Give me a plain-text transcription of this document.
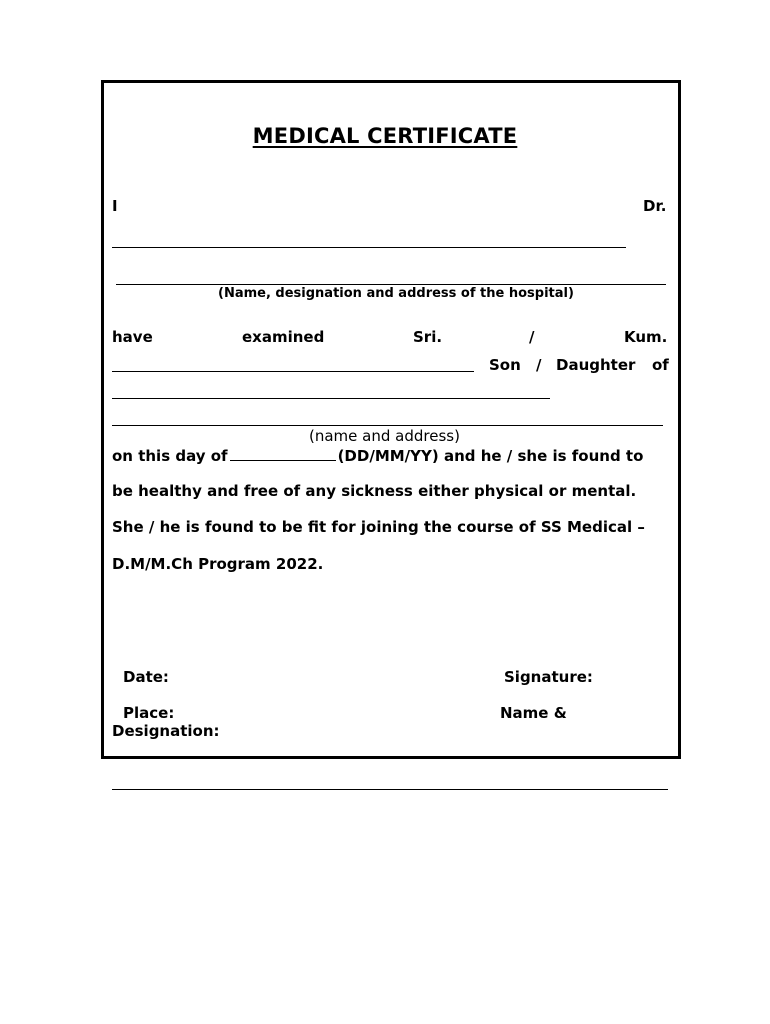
MEDICAL CERTIFICATE
I	Dr.
(Name, designation and address of the hospital)
have	examined	Sri.	/	Kum.
Son / Daughter of
(name and address)
on this day of	(DD/MM/YY) and he / she is found to
be healthy and free of any sickness either physical or mental.
She / he is found to be fit for joining the course of SS Medical –
D.M/M.Ch Program 2022.
Date:	Signature:
Place:	Name &
Designation:
